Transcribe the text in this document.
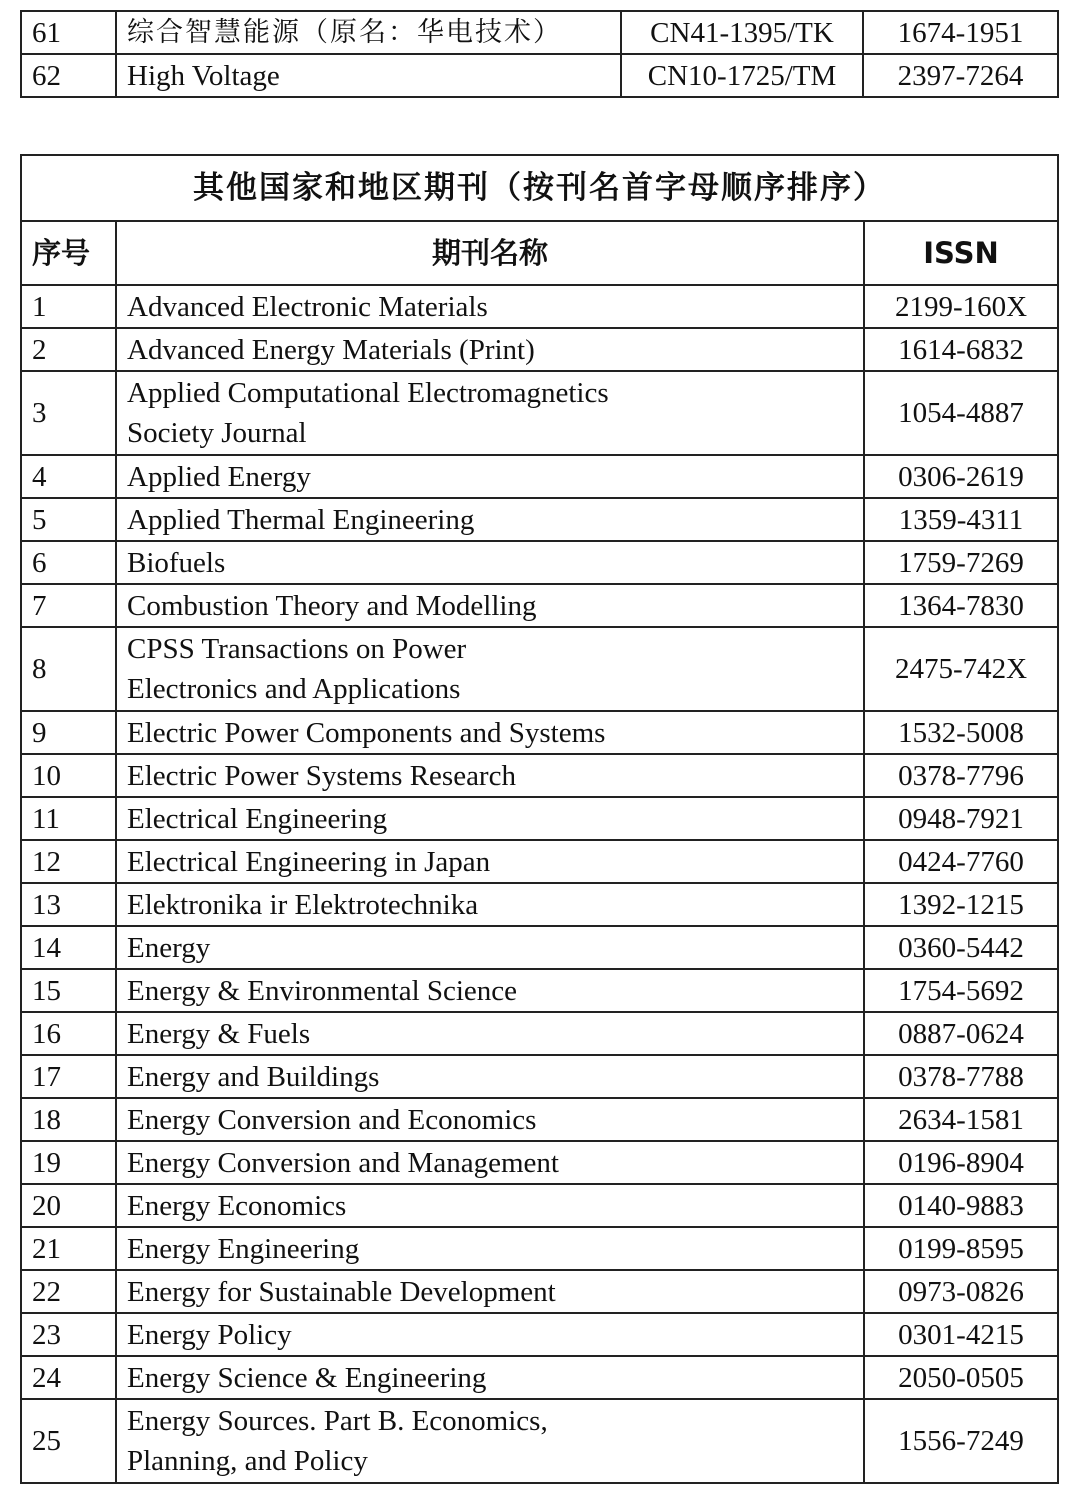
61	综合智慧能源（原名：华电技术）	CN41-1395/TK	1674-1951
62	High Voltage	CN10-1725/TM	2397-7264
其他国家和地区期刊（按刊名首字母顺序排序）		
序号	期刊名称	ISSN
1	Advanced Electronic Materials	2199-160X
2	Advanced Energy Materials (Print)	1614-6832
3	Applied Computational Electromagnetics
Society Journal	1054-4887
4	Applied Energy	0306-2619
5	Applied Thermal Engineering	1359-4311
6	Biofuels	1759-7269
7	Combustion Theory and Modelling	1364-7830
8	CPSS Transactions on Power
Electronics and Applications	2475-742X
9	Electric Power Components and Systems	1532-5008
10	Electric Power Systems Research	0378-7796
11	Electrical Engineering	0948-7921
12	Electrical Engineering in Japan	0424-7760
13	Elektronika ir Elektrotechnika	1392-1215
14	Energy	0360-5442
15	Energy & Environmental Science	1754-5692
16	Energy & Fuels	0887-0624
17	Energy and Buildings	0378-7788
18	Energy Conversion and Economics	2634-1581
19	Energy Conversion and Management	0196-8904
20	Energy Economics	0140-9883
21	Energy Engineering	0199-8595
22	Energy for Sustainable Development	0973-0826
23	Energy Policy	0301-4215
24	Energy Science & Engineering	2050-0505
25	Energy Sources. Part B. Economics,
Planning, and Policy	1556-7249
